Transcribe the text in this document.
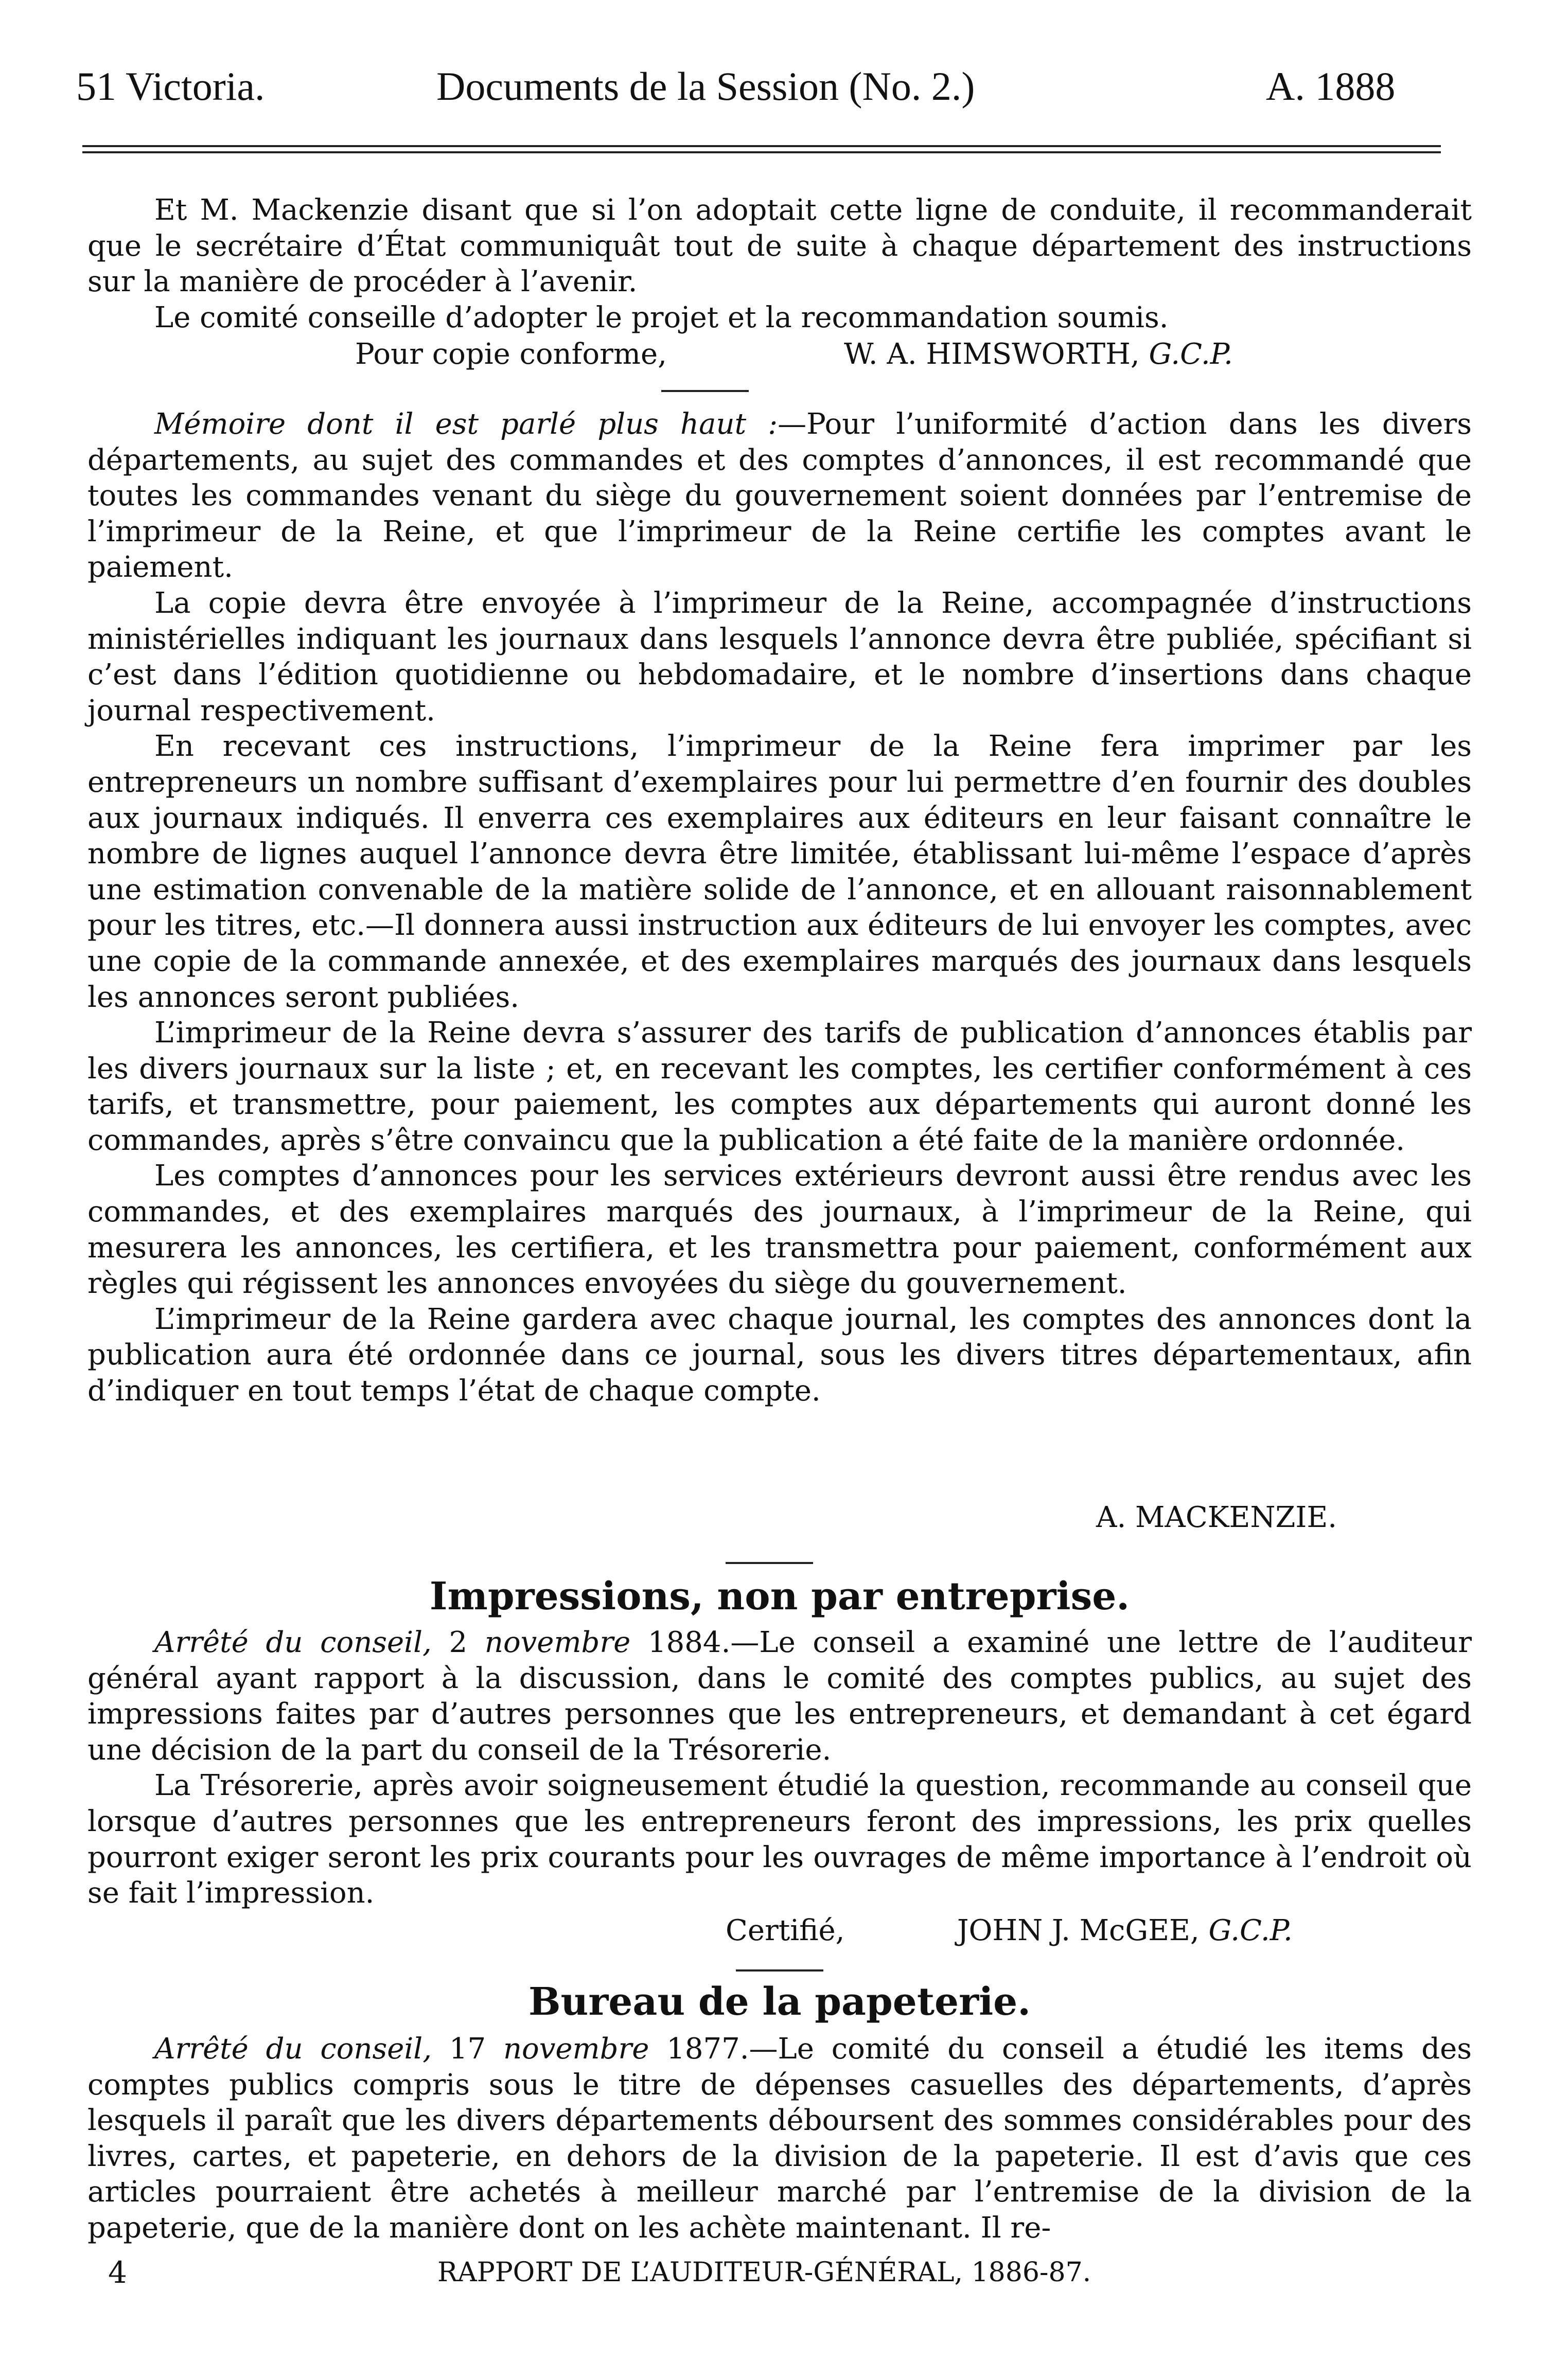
51 Victoria.	Documents de la Session (No. 2.)	A. 1888

Et M. Mackenzie disant que si l’on adoptait cette ligne de conduite, il recommanderait que le secrétaire d’État communiquât tout de suite à chaque département des instructions sur la manière de procéder à l’avenir.

Le comité conseille d’adopter le projet et la recommandation soumis.

Pour copie conforme,	W. A. HIMSWORTH, G.C.P.

Mémoire dont il est parlé plus haut :—Pour l’uniformité d’action dans les divers départements, au sujet des commandes et des comptes d’annonces, il est recommandé que toutes les commandes venant du siège du gouvernement soient données par l’entremise de l’imprimeur de la Reine, et que l’imprimeur de la Reine certifie les comptes avant le paiement.

La copie devra être envoyée à l’imprimeur de la Reine, accompagnée d’instructions ministérielles indiquant les journaux dans lesquels l’annonce devra être publiée, spécifiant si c’est dans l’édition quotidienne ou hebdomadaire, et le nombre d’insertions dans chaque journal respectivement.

En recevant ces instructions, l’imprimeur de la Reine fera imprimer par les entrepreneurs un nombre suffisant d’exemplaires pour lui permettre d’en fournir des doubles aux journaux indiqués. Il enverra ces exemplaires aux éditeurs en leur faisant connaître le nombre de lignes auquel l’annonce devra être limitée, établissant lui-même l’espace d’après une estimation convenable de la matière solide de l’annonce, et en allouant raisonnablement pour les titres, etc.—Il donnera aussi instruction aux éditeurs de lui envoyer les comptes, avec une copie de la commande annexée, et des exemplaires marqués des journaux dans lesquels les annonces seront publiées.

L’imprimeur de la Reine devra s’assurer des tarifs de publication d’annonces établis par les divers journaux sur la liste ; et, en recevant les comptes, les certifier conformément à ces tarifs, et transmettre, pour paiement, les comptes aux départements qui auront donné les commandes, après s’être convaincu que la publication a été faite de la manière ordonnée.

Les comptes d’annonces pour les services extérieurs devront aussi être rendus avec les commandes, et des exemplaires marqués des journaux, à l’imprimeur de la Reine, qui mesurera les annonces, les certifiera, et les transmettra pour paiement, conformément aux règles qui régissent les annonces envoyées du siège du gouvernement.

L’imprimeur de la Reine gardera avec chaque journal, les comptes des annonces dont la publication aura été ordonnée dans ce journal, sous les divers titres départementaux, afin d’indiquer en tout temps l’état de chaque compte.

A. MACKENZIE.
Impressions, non par entreprise.

Arrêté du conseil, 2 novembre 1884.—Le conseil a examiné une lettre de l’auditeur général ayant rapport à la discussion, dans le comité des comptes publics, au sujet des impressions faites par d’autres personnes que les entrepreneurs, et demandant à cet égard une décision de la part du conseil de la Trésorerie.

La Trésorerie, après avoir soigneusement étudié la question, recommande au conseil que lorsque d’autres personnes que les entrepreneurs feront des impressions, les prix quelles pourront exiger seront les prix courants pour les ouvrages de même importance à l’endroit où se fait l’impression.

Certifié,	JOHN J. McGEE, G.C.P.
Bureau de la papeterie.

Arrêté du conseil, 17 novembre 1877.—Le comité du conseil a étudié les items des comptes publics compris sous le titre de dépenses casuelles des départements, d’après lesquels il paraît que les divers départements déboursent des sommes considérables pour des livres, cartes, et papeterie, en dehors de la division de la papeterie. Il est d’avis que ces articles pourraient être achetés à meilleur marché par l’entremise de la division de la papeterie, que de la manière dont on les achète maintenant. Il re-

4	RAPPORT DE L’AUDITEUR-GÉNÉRAL, 1886-87.
